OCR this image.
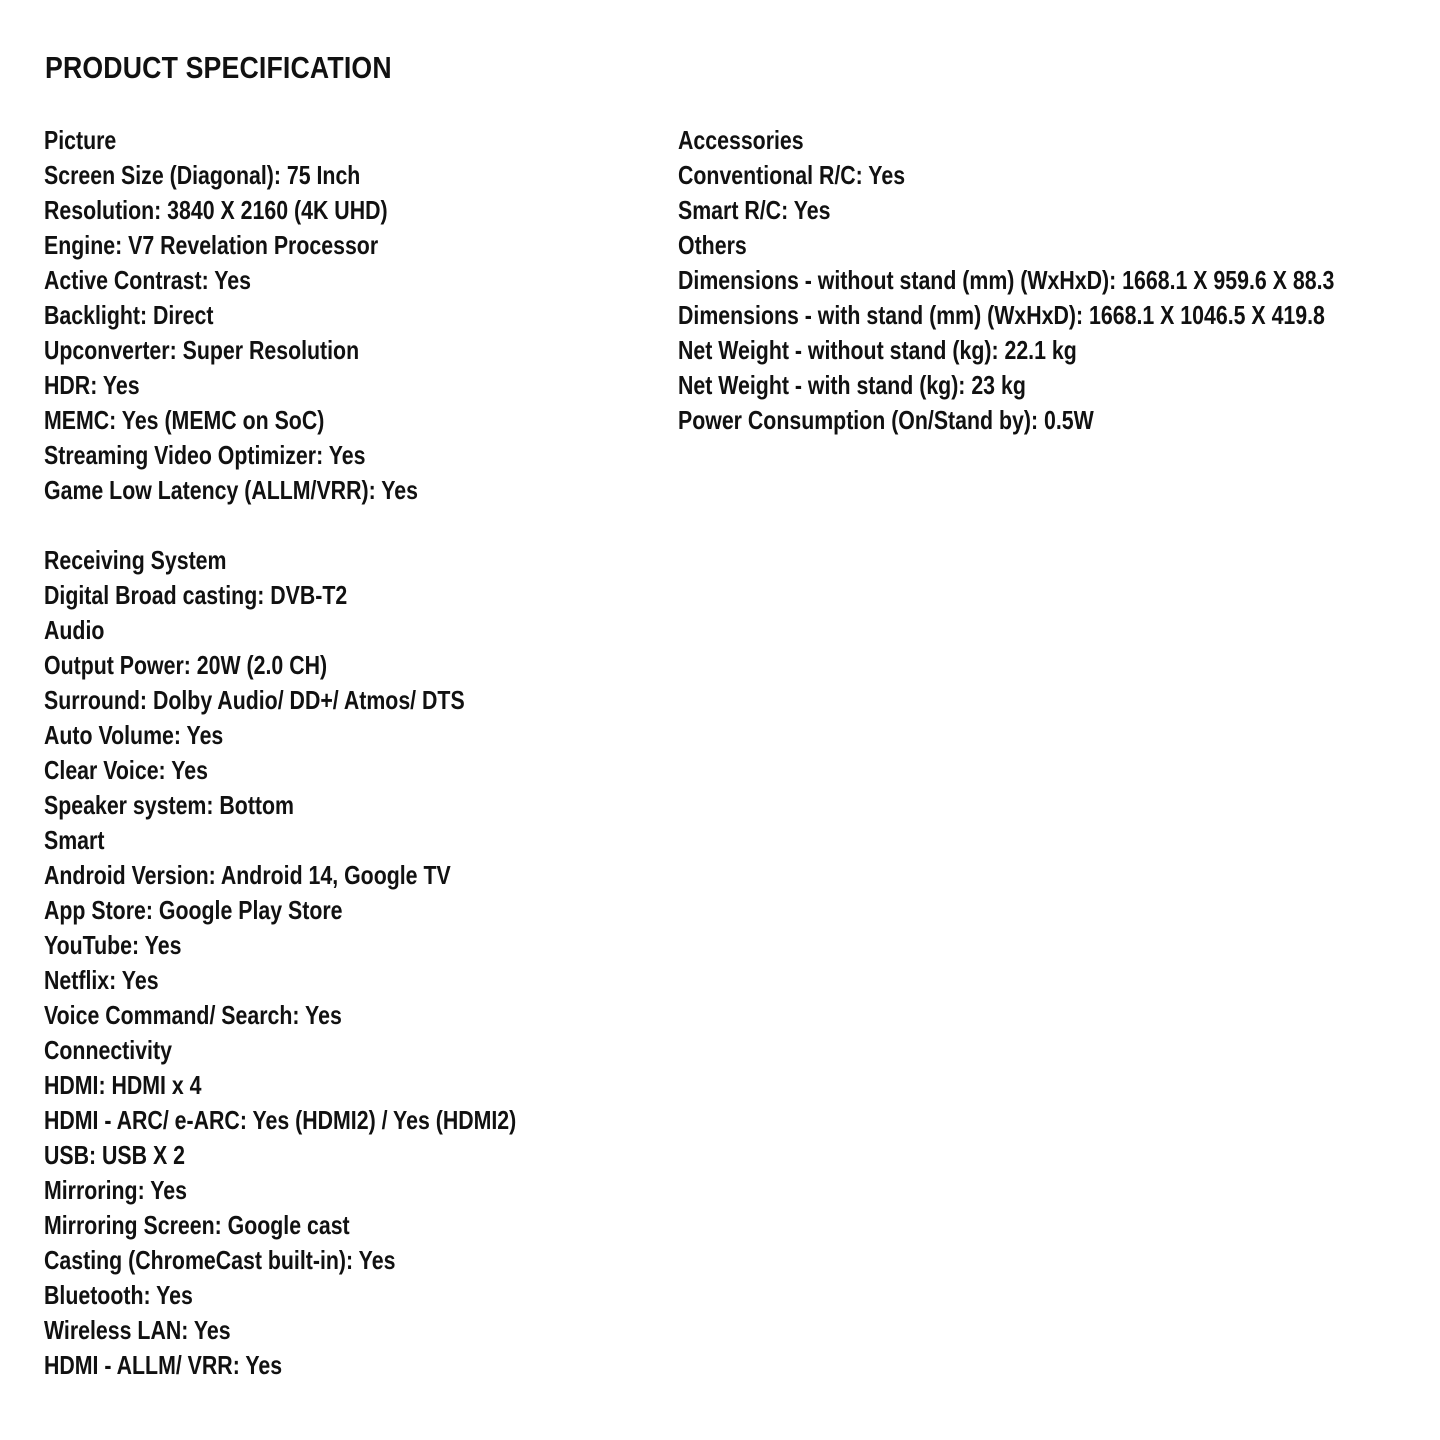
PRODUCT SPECIFICATION
Picture
Screen Size (Diagonal): 75 Inch
Resolution: 3840 X 2160 (4K UHD)
Engine: V7 Revelation Processor
Active Contrast: Yes
Backlight: Direct
Upconverter: Super Resolution
HDR: Yes
MEMC: Yes (MEMC on SoC)
Streaming Video Optimizer: Yes
Game Low Latency (ALLM/VRR): Yes
Receiving System
Digital Broad casting: DVB-T2
Audio
Output Power: 20W (2.0 CH)
Surround: Dolby Audio/ DD+/ Atmos/ DTS
Auto Volume: Yes
Clear Voice: Yes
Speaker system: Bottom
Smart
Android Version: Android 14, Google TV
App Store: Google Play Store
YouTube: Yes
Netflix: Yes
Voice Command/ Search: Yes
Connectivity
HDMI: HDMI x 4
HDMI - ARC/ e-ARC: Yes (HDMI2) / Yes (HDMI2)
USB: USB X 2
Mirroring: Yes
Mirroring Screen: Google cast
Casting (ChromeCast built-in): Yes
Bluetooth: Yes
Wireless LAN: Yes
HDMI - ALLM/ VRR: Yes
Accessories
Conventional R/C: Yes
Smart R/C: Yes
Others
Dimensions - without stand (mm) (WxHxD): 1668.1 X 959.6 X 88.3
Dimensions - with stand (mm) (WxHxD): 1668.1 X 1046.5 X 419.8
Net Weight - without stand (kg): 22.1 kg
Net Weight - with stand (kg): 23 kg
Power Consumption (On/Stand by): 0.5W
